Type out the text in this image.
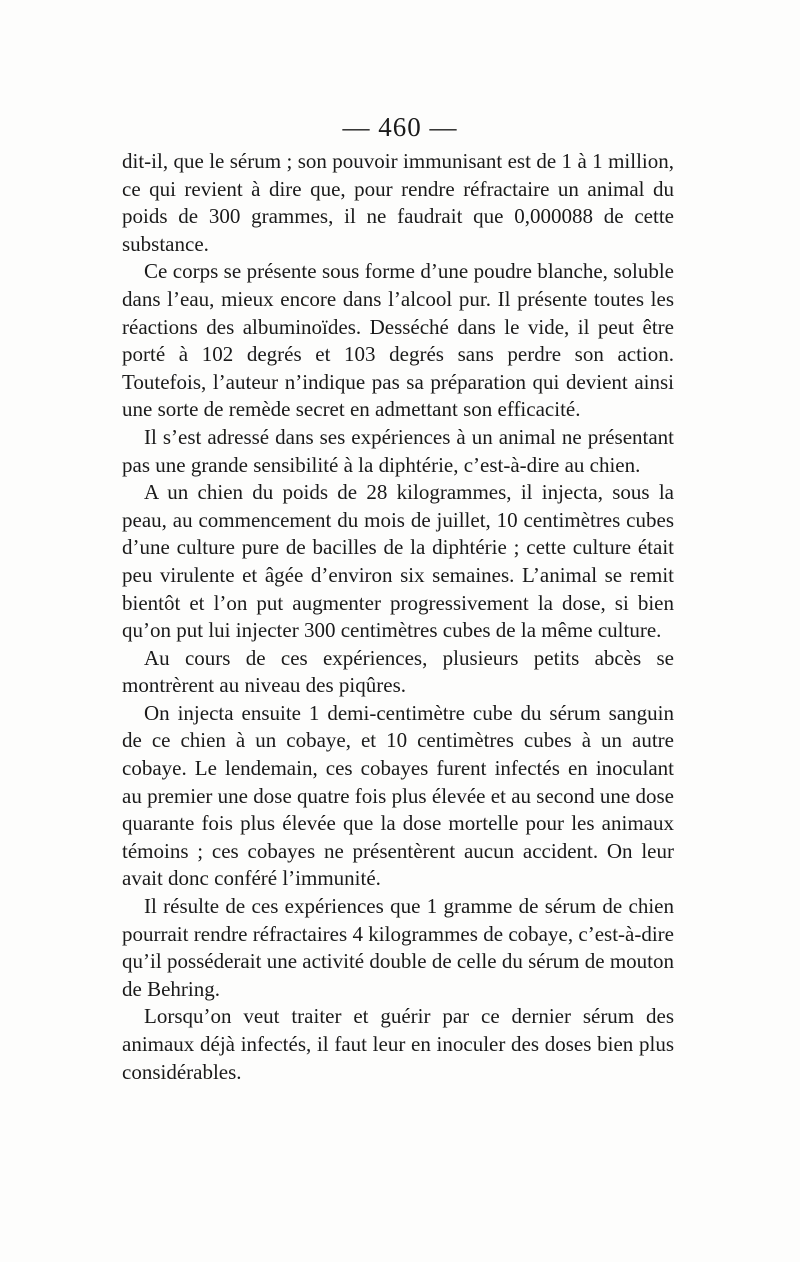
— 460 —

dit-il, que le sérum ; son pouvoir immunisant est de 1 à 1 million, ce qui revient à dire que, pour rendre réfractaire un animal du poids de 300 grammes, il ne faudrait que 0,000088 de cette substance.

Ce corps se présente sous forme d’une poudre blanche, soluble dans l’eau, mieux encore dans l’alcool pur. Il présente toutes les réactions des albuminoïdes. Desséché dans le vide, il peut être porté à 102 degrés et 103 degrés sans perdre son action. Toutefois, l’auteur n’indique pas sa préparation qui devient ainsi une sorte de remède secret en admettant son efficacité.

Il s’est adressé dans ses expériences à un animal ne présentant pas une grande sensibilité à la diphtérie, c’est-à-dire au chien.

A un chien du poids de 28 kilogrammes, il injecta, sous la peau, au commencement du mois de juillet, 10 centimètres cubes d’une culture pure de bacilles de la diphtérie ; cette culture était peu virulente et âgée d’environ six semaines. L’animal se remit bientôt et l’on put augmenter progressivement la dose, si bien qu’on put lui injecter 300 centimètres cubes de la même culture.

Au cours de ces expériences, plusieurs petits abcès se montrèrent au niveau des piqûres.

On injecta ensuite 1 demi-centimètre cube du sérum sanguin de ce chien à un cobaye, et 10 centimètres cubes à un autre cobaye. Le lendemain, ces cobayes furent infectés en inoculant au premier une dose quatre fois plus élevée et au second une dose quarante fois plus élevée que la dose mortelle pour les animaux témoins ; ces cobayes ne présentèrent aucun accident. On leur avait donc conféré l’immunité.

Il résulte de ces expériences que 1 gramme de sérum de chien pourrait rendre réfractaires 4 kilogrammes de cobaye, c’est-à-dire qu’il posséderait une activité double de celle du sérum de mouton de Behring.

Lorsqu’on veut traiter et guérir par ce dernier sérum des animaux déjà infectés, il faut leur en inoculer des doses bien plus considérables.
